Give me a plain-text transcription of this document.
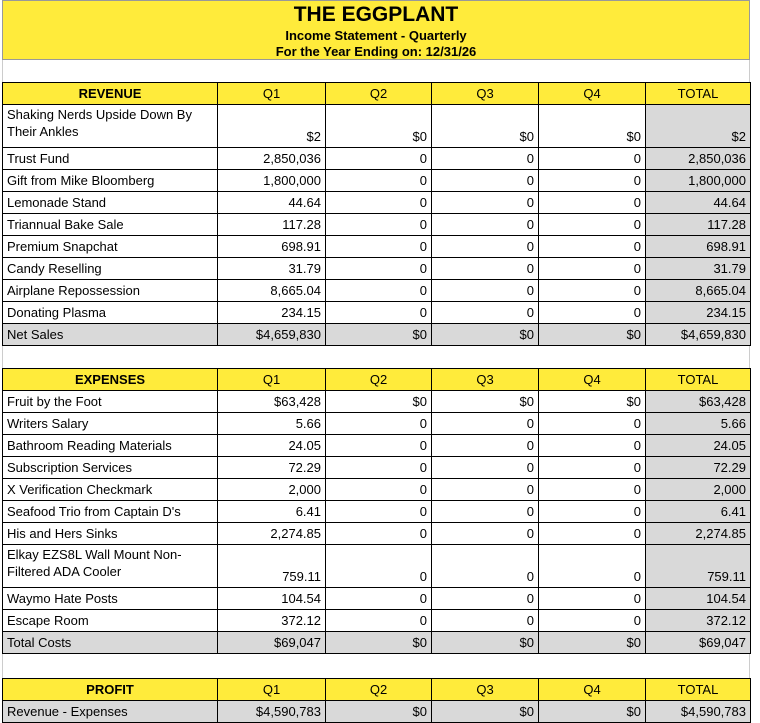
THE EGGPLANT
Income Statement - Quarterly
For the Year Ending on: 12/31/26
REVENUE	Q1	Q2	Q3	Q4	TOTAL
Shaking Nerds Upside Down By Their Ankles	$2	$0	$0	$0	$2
Trust Fund	2,850,036	0	0	0	2,850,036
Gift from Mike Bloomberg	1,800,000	0	0	0	1,800,000
Lemonade Stand	44.64	0	0	0	44.64
Triannual Bake Sale	117.28	0	0	0	117.28
Premium Snapchat	698.91	0	0	0	698.91
Candy Reselling	31.79	0	0	0	31.79
Airplane Repossession	8,665.04	0	0	0	8,665.04
Donating Plasma	234.15	0	0	0	234.15
Net Sales	$4,659,830	$0	$0	$0	$4,659,830
EXPENSES	Q1	Q2	Q3	Q4	TOTAL
Fruit by the Foot	$63,428	$0	$0	$0	$63,428
Writers Salary	5.66	0	0	0	5.66
Bathroom Reading Materials	24.05	0	0	0	24.05
Subscription Services	72.29	0	0	0	72.29
X Verification Checkmark	2,000	0	0	0	2,000
Seafood Trio from Captain D's	6.41	0	0	0	6.41
His and Hers Sinks	2,274.85	0	0	0	2,274.85
Elkay EZS8L Wall Mount Non-Filtered ADA Cooler	759.11	0	0	0	759.11
Waymo Hate Posts	104.54	0	0	0	104.54
Escape Room	372.12	0	0	0	372.12
Total Costs	$69,047	$0	$0	$0	$69,047
PROFIT	Q1	Q2	Q3	Q4	TOTAL
Revenue - Expenses	$4,590,783	$0	$0	$0	$4,590,783
